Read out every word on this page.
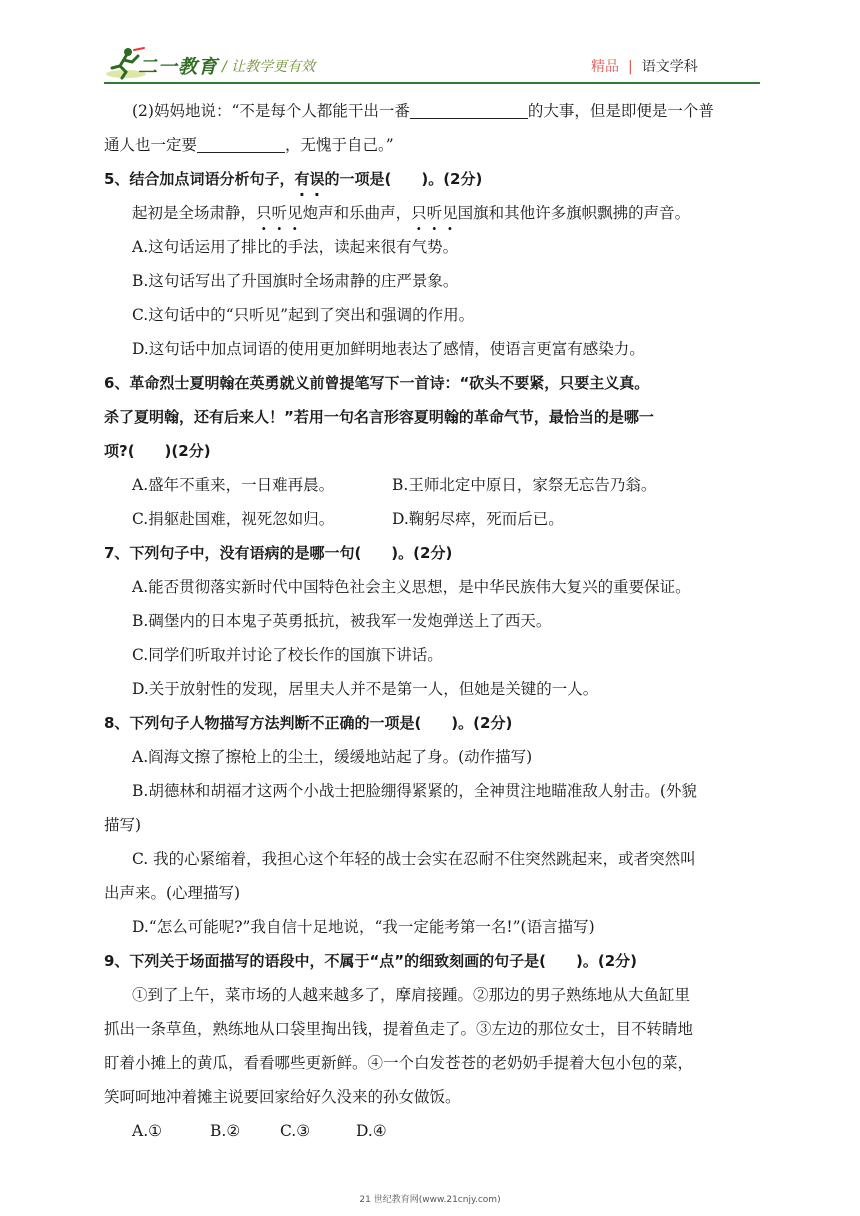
二一教育 / 让教学更有效	精品 | 语文学科
(2)妈妈地说：“不是每个人都能干出一番	的大事，但是即便是一个普
通人也一定要	，无愧于自己。”
5、结合加点词语分析句子，有误的一项是(　　)。(2分)
起初是全场肃静，只听见炮声和乐曲声，只听见国旗和其他许多旗帜飘拂的声音。
A.这句话运用了排比的手法，读起来很有气势。
B.这句话写出了升国旗时全场肃静的庄严景象。
C.这句话中的“只听见”起到了突出和强调的作用。
D.这句话中加点词语的使用更加鲜明地表达了感情，使语言更富有感染力。
6、革命烈士夏明翰在英勇就义前曾提笔写下一首诗：“砍头不要紧，只要主义真。
杀了夏明翰，还有后来人！”若用一句名言形容夏明翰的革命气节，最恰当的是哪一
项?(　　)(2分)
A.盛年不重来，一日难再晨。	B.王师北定中原日，家祭无忘告乃翁。
C.捐躯赴国难，视死忽如归。	D.鞠躬尽瘁，死而后已。
7、下列句子中，没有语病的是哪一句(　　)。(2分)
A.能否贯彻落实新时代中国特色社会主义思想，是中华民族伟大复兴的重要保证。
B.碉堡内的日本鬼子英勇抵抗，被我军一发炮弹送上了西天。
C.同学们听取并讨论了校长作的国旗下讲话。
D.关于放射性的发现，居里夫人并不是第一人，但她是关键的一人。
8、下列句子人物描写方法判断不正确的一项是(　　)。(2分)
A.阎海文擦了擦枪上的尘土，缓缓地站起了身。(动作描写)
B.胡德林和胡福才这两个小战士把脸绷得紧紧的，全神贯注地瞄准敌人射击。(外貌
描写)
C. 我的心紧缩着，我担心这个年轻的战士会实在忍耐不住突然跳起来，或者突然叫
出声来。(心理描写)
D.“怎么可能呢?”我自信十足地说，“我一定能考第一名!”(语言描写)
9、下列关于场面描写的语段中，不属于“点”的细致刻画的句子是(　　)。(2分)
①到了上午，菜市场的人越来越多了，摩肩接踵。②那边的男子熟练地从大鱼缸里
抓出一条草鱼，熟练地从口袋里掏出钱，提着鱼走了。③左边的那位女士，目不转睛地
盯着小摊上的黄瓜，看看哪些更新鲜。④一个白发苍苍的老奶奶手提着大包小包的菜，
笑呵呵地冲着摊主说要回家给好久没来的孙女做饭。
A.①	B.②	C.③	D.④
21 世纪教育网(www.21cnjy.com)
